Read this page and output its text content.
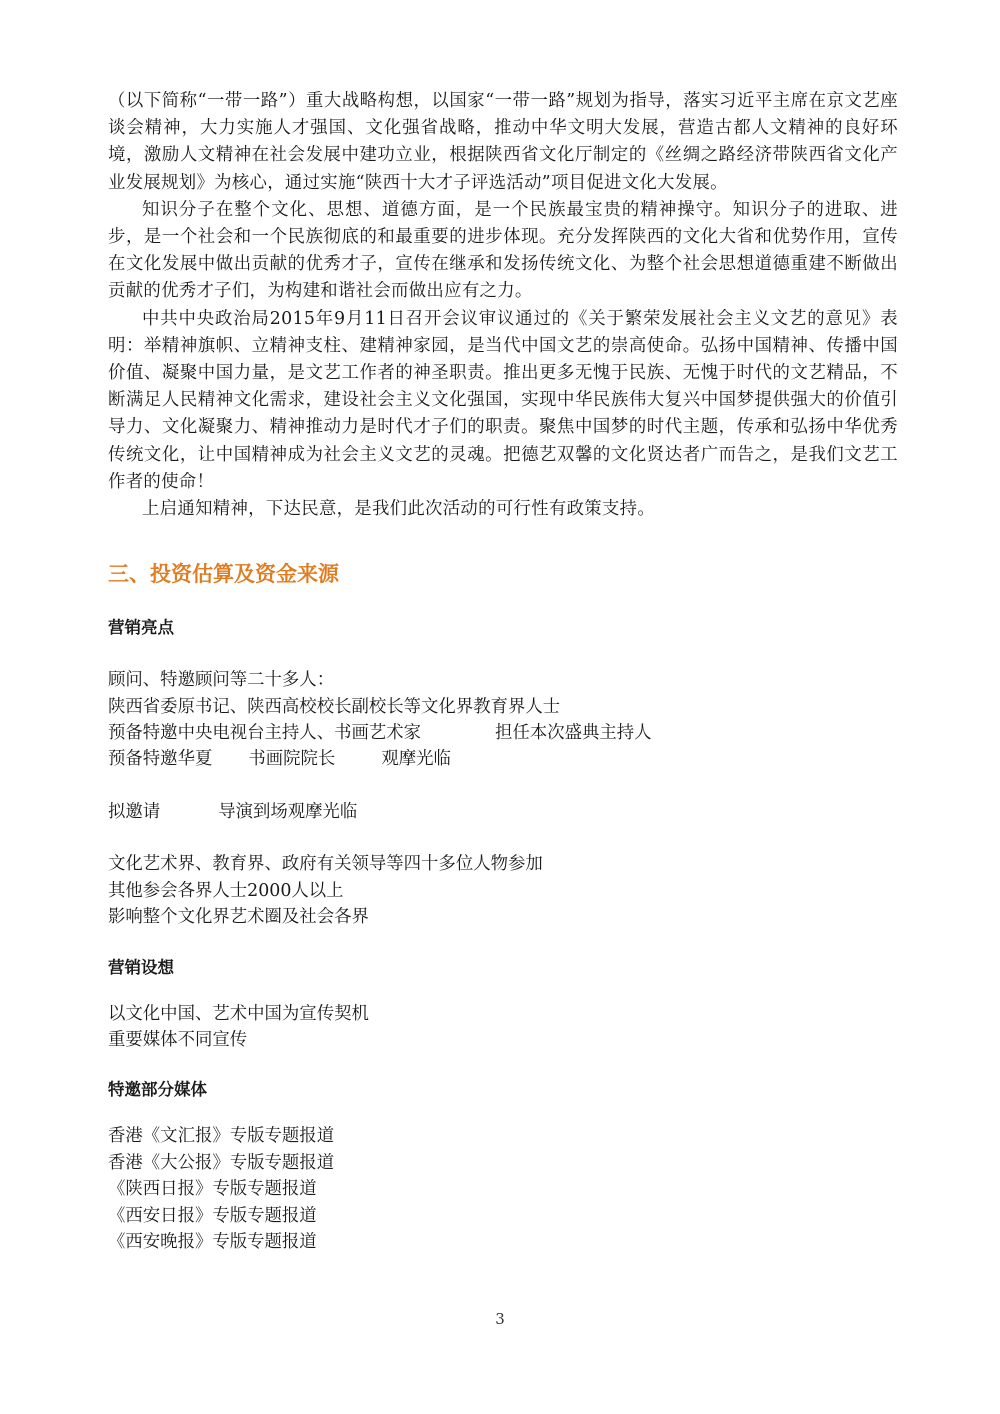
（以下简称“一带一路”）重大战略构想，以国家“一带一路”规划为指导，落实习近平主席在京文艺座谈会精神，大力实施人才强国、文化强省战略，推动中华文明大发展，营造古都人文精神的良好环境，激励人文精神在社会发展中建功立业，根据陕西省文化厅制定的《丝绸之路经济带陕西省文化产业发展规划》为核心，通过实施“陕西十大才子评选活动”项目促进文化大发展。

知识分子在整个文化、思想、道德方面，是一个民族最宝贵的精神操守。知识分子的进取、进步，是一个社会和一个民族彻底的和最重要的进步体现。充分发挥陕西的文化大省和优势作用，宣传在文化发展中做出贡献的优秀才子，宣传在继承和发扬传统文化、为整个社会思想道德重建不断做出贡献的优秀才子们，为构建和谐社会而做出应有之力。

中共中央政治局2015年9月11日召开会议审议通过的《关于繁荣发展社会主义文艺的意见》表明：举精神旗帜、立精神支柱、建精神家园，是当代中国文艺的崇高使命。弘扬中国精神、传播中国价值、凝聚中国力量，是文艺工作者的神圣职责。推出更多无愧于民族、无愧于时代的文艺精品，不断满足人民精神文化需求，建设社会主义文化强国，实现中华民族伟大复兴中国梦提供强大的价值引导力、文化凝聚力、精神推动力是时代才子们的职责。聚焦中国梦的时代主题，传承和弘扬中华优秀传统文化，让中国精神成为社会主义文艺的灵魂。把德艺双馨的文化贤达者广而告之，是我们文艺工作者的使命！

上启通知精神，下达民意，是我们此次活动的可行性有政策支持。

三、投资估算及资金来源
营销亮点

顾问、特邀顾问等二十多人：

陕西省委原书记、陕西高校校长副校长等文化界教育界人士

预备特邀中央电视台主持人、书画艺术家	担任本次盛典主持人

预备特邀华夏 书画院院长	观摩光临

拟邀请	导演到场观摩光临

文化艺术界、教育界、政府有关领导等四十多位人物参加

其他参会各界人士2000人以上

影响整个文化界艺术圈及社会各界

营销设想

以文化中国、艺术中国为宣传契机

重要媒体不同宣传

特邀部分媒体

香港《文汇报》专版专题报道

香港《大公报》专版专题报道

《陕西日报》专版专题报道

《西安日报》专版专题报道

《西安晚报》专版专题报道

3
